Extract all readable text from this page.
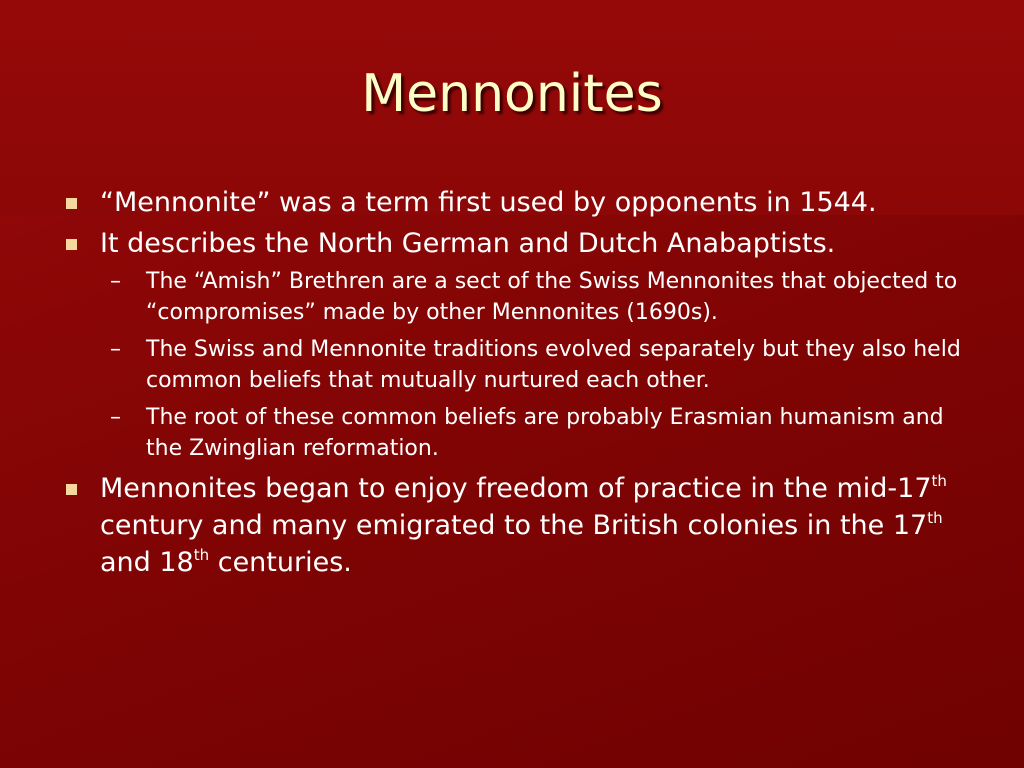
Mennonites
“Mennonite” was a term first used by opponents in 1544.
It describes the North German and Dutch Anabaptists.
– The “Amish” Brethren are a sect of the Swiss Mennonites that objected to “compromises” made by other Mennonites (1690s).
– The Swiss and Mennonite traditions evolved separately but they also held common beliefs that mutually nurtured each other.
– The root of these common beliefs are probably Erasmian humanism and the Zwinglian reformation.
Mennonites began to enjoy freedom of practice in the mid-17th century and many emigrated to the British colonies in the 17th and 18th centuries.
